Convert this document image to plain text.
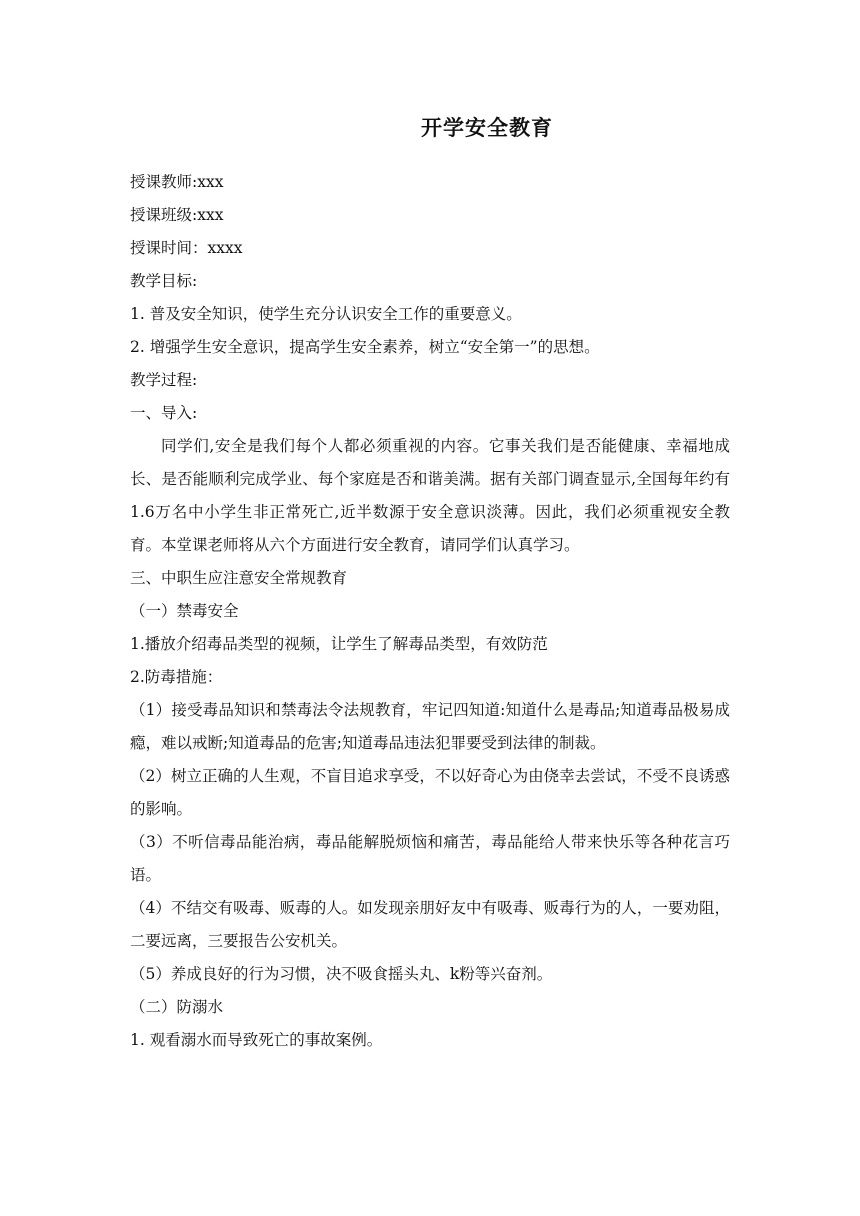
开学安全教育
授课教师:xxx
授课班级:xxx
授课时间：xxxx
教学目标:
1. 普及安全知识，使学生充分认识安全工作的重要意义。
2. 增强学生安全意识，提高学生安全素养，树立“安全第一”的思想。
教学过程:
一、导入:
同学们,安全是我们每个人都必须重视的内容。它事关我们是否能健康、幸福地成长、是否能顺利完成学业、每个家庭是否和谐美满。据有关部门调查显示,全国每年约有1.6万名中小学生非正常死亡,近半数源于安全意识淡薄。因此，我们必须重视安全教育。本堂课老师将从六个方面进行安全教育，请同学们认真学习。
三、中职生应注意安全常规教育
（一）禁毒安全
1.播放介绍毒品类型的视频，让学生了解毒品类型，有效防范
2.防毒措施：
（1）接受毒品知识和禁毒法令法规教育，牢记四知道:知道什么是毒品;知道毒品极易成瘾，难以戒断;知道毒品的危害;知道毒品违法犯罪要受到法律的制裁。
（2）树立正确的人生观，不盲目追求享受，不以好奇心为由侥幸去尝试，不受不良诱惑的影响。
（3）不听信毒品能治病，毒品能解脱烦恼和痛苦，毒品能给人带来快乐等各种花言巧语。
（4）不结交有吸毒、贩毒的人。如发现亲朋好友中有吸毒、贩毒行为的人，一要劝阻，二要远离，三要报告公安机关。
（5）养成良好的行为习惯，决不吸食摇头丸、k粉等兴奋剂。
（二）防溺水
1. 观看溺水而导致死亡的事故案例。
